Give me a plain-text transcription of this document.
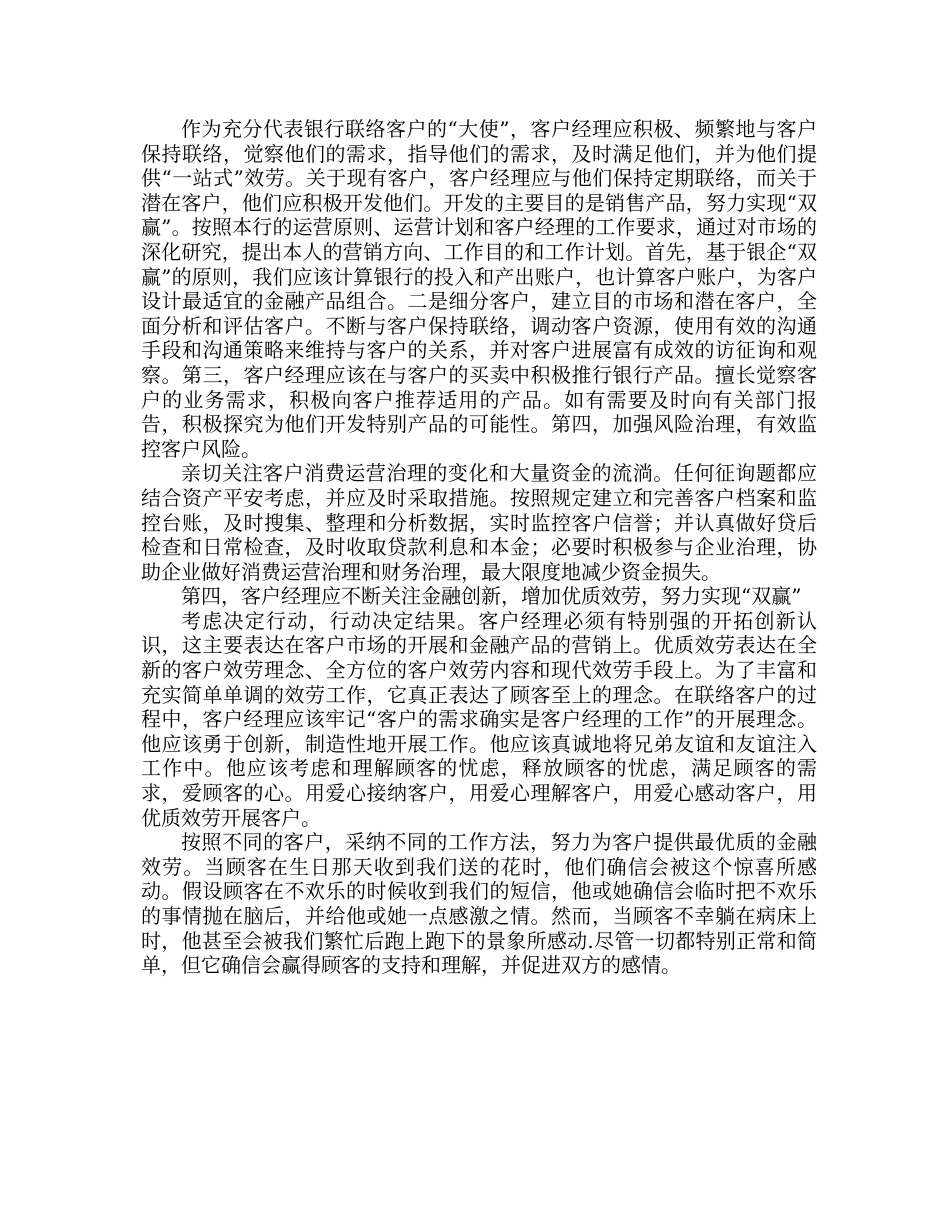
作为充分代表银行联络客户的“大使”，客户经理应积极、频繁地与客户保持联络，觉察他们的需求，指导他们的需求，及时满足他们，并为他们提供“一站式”效劳。关于现有客户，客户经理应与他们保持定期联络，而关于潜在客户，他们应积极开发他们。开发的主要目的是销售产品，努力实现“双赢”。按照本行的运营原则、运营计划和客户经理的工作要求，通过对市场的深化研究，提出本人的营销方向、工作目的和工作计划。首先，基于银企“双赢”的原则，我们应该计算银行的投入和产出账户，也计算客户账户，为客户设计最适宜的金融产品组合。二是细分客户，建立目的市场和潜在客户，全面分析和评估客户。不断与客户保持联络，调动客户资源，使用有效的沟通手段和沟通策略来维持与客户的关系，并对客户进展富有成效的访征询和观察。第三，客户经理应该在与客户的买卖中积极推行银行产品。擅长觉察客户的业务需求，积极向客户推荐适用的产品。如有需要及时向有关部门报告，积极探究为他们开发特别产品的可能性。第四，加强风险治理，有效监控客户风险。

亲切关注客户消费运营治理的变化和大量资金的流淌。任何征询题都应结合资产平安考虑，并应及时采取措施。按照规定建立和完善客户档案和监控台账，及时搜集、整理和分析数据，实时监控客户信誉；并认真做好贷后检查和日常检查，及时收取贷款利息和本金；必要时积极参与企业治理，协助企业做好消费运营治理和财务治理，最大限度地减少资金损失。

第四，客户经理应不断关注金融创新，增加优质效劳，努力实现“双赢”

考虑决定行动，行动决定结果。客户经理必须有特别强的开拓创新认识，这主要表达在客户市场的开展和金融产品的营销上。优质效劳表达在全新的客户效劳理念、全方位的客户效劳内容和现代效劳手段上。为了丰富和充实简单单调的效劳工作，它真正表达了顾客至上的理念。在联络客户的过程中，客户经理应该牢记“客户的需求确实是客户经理的工作”的开展理念。他应该勇于创新，制造性地开展工作。他应该真诚地将兄弟友谊和友谊注入工作中。他应该考虑和理解顾客的忧虑，释放顾客的忧虑，满足顾客的需求，爱顾客的心。用爱心接纳客户，用爱心理解客户，用爱心感动客户，用优质效劳开展客户。

按照不同的客户，采纳不同的工作方法，努力为客户提供最优质的金融效劳。当顾客在生日那天收到我们送的花时，他们确信会被这个惊喜所感动。假设顾客在不欢乐的时候收到我们的短信，他或她确信会临时把不欢乐的事情抛在脑后，并给他或她一点感激之情。然而，当顾客不幸躺在病床上时，他甚至会被我们繁忙后跑上跑下的景象所感动.尽管一切都特别正常和简单，但它确信会赢得顾客的支持和理解，并促进双方的感情。
